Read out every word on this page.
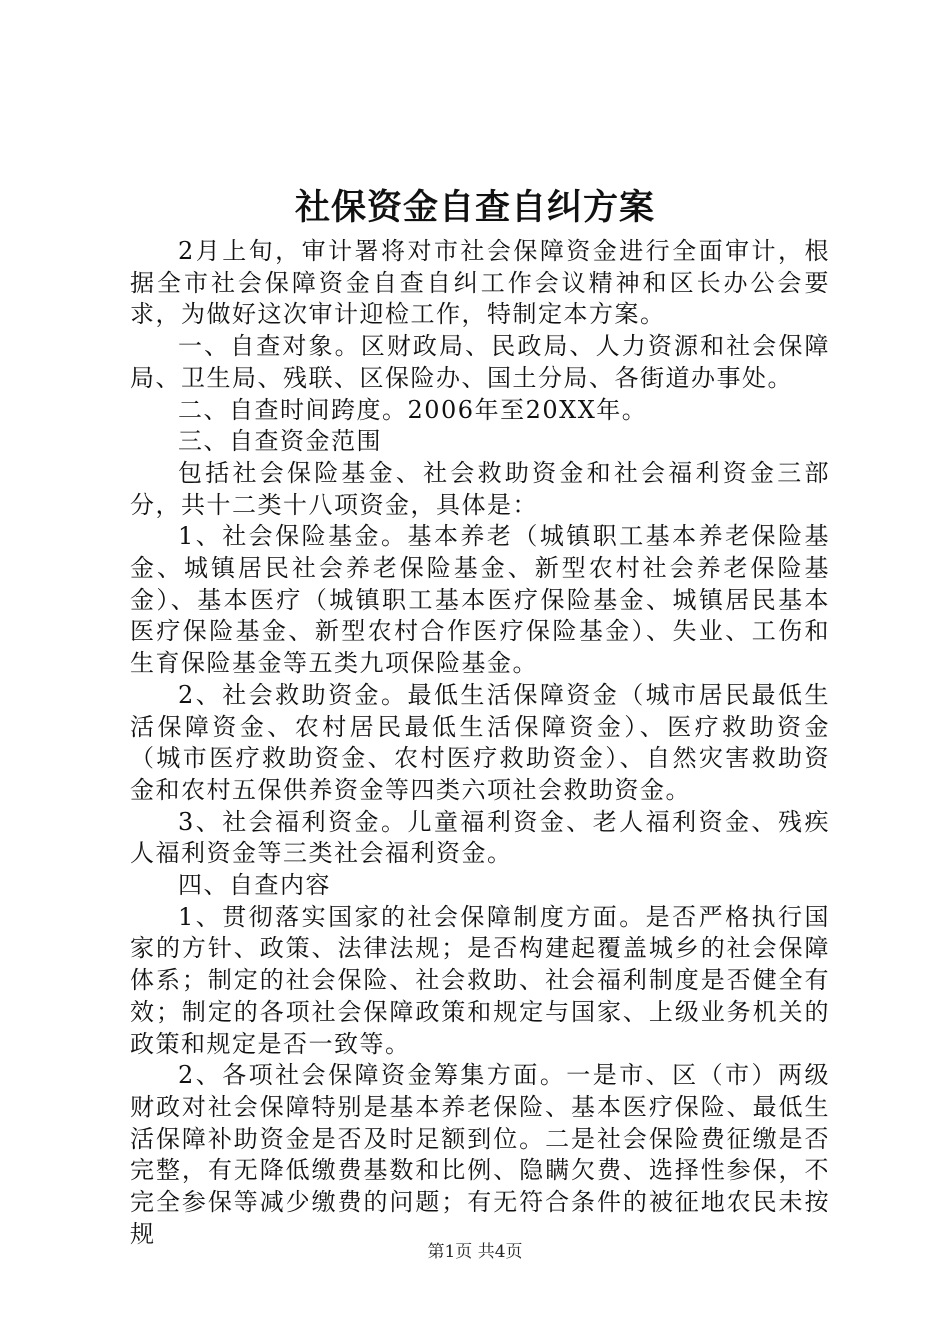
社保资金自查自纠方案

2月上旬，审计署将对市社会保障资金进行全面审计，根据全市社会保障资金自查自纠工作会议精神和区长办公会要求，为做好这次审计迎检工作，特制定本方案。

一、自查对象。区财政局、民政局、人力资源和社会保障局、卫生局、残联、区保险办、国土分局、各街道办事处。

二、自查时间跨度。2006年至20XX年。

三、自查资金范围

包括社会保险基金、社会救助资金和社会福利资金三部分，共十二类十八项资金，具体是：

1、社会保险基金。基本养老（城镇职工基本养老保险基金、城镇居民社会养老保险基金、新型农村社会养老保险基金）、基本医疗（城镇职工基本医疗保险基金、城镇居民基本医疗保险基金、新型农村合作医疗保险基金）、失业、工伤和生育保险基金等五类九项保险基金。

2、社会救助资金。最低生活保障资金（城市居民最低生活保障资金、农村居民最低生活保障资金）、医疗救助资金（城市医疗救助资金、农村医疗救助资金）、自然灾害救助资金和农村五保供养资金等四类六项社会救助资金。

3、社会福利资金。儿童福利资金、老人福利资金、残疾人福利资金等三类社会福利资金。

四、自查内容

1、贯彻落实国家的社会保障制度方面。是否严格执行国家的方针、政策、法律法规；是否构建起覆盖城乡的社会保障体系；制定的社会保险、社会救助、社会福利制度是否健全有效；制定的各项社会保障政策和规定与国家、上级业务机关的政策和规定是否一致等。

2、各项社会保障资金筹集方面。一是市、区（市）两级财政对社会保障特别是基本养老保险、基本医疗保险、最低生活保障补助资金是否及时足额到位。二是社会保险费征缴是否完整，有无降低缴费基数和比例、隐瞒欠费、选择性参保，不完全参保等减少缴费的问题；有无符合条件的被征地农民未按规

第1页 共4页
